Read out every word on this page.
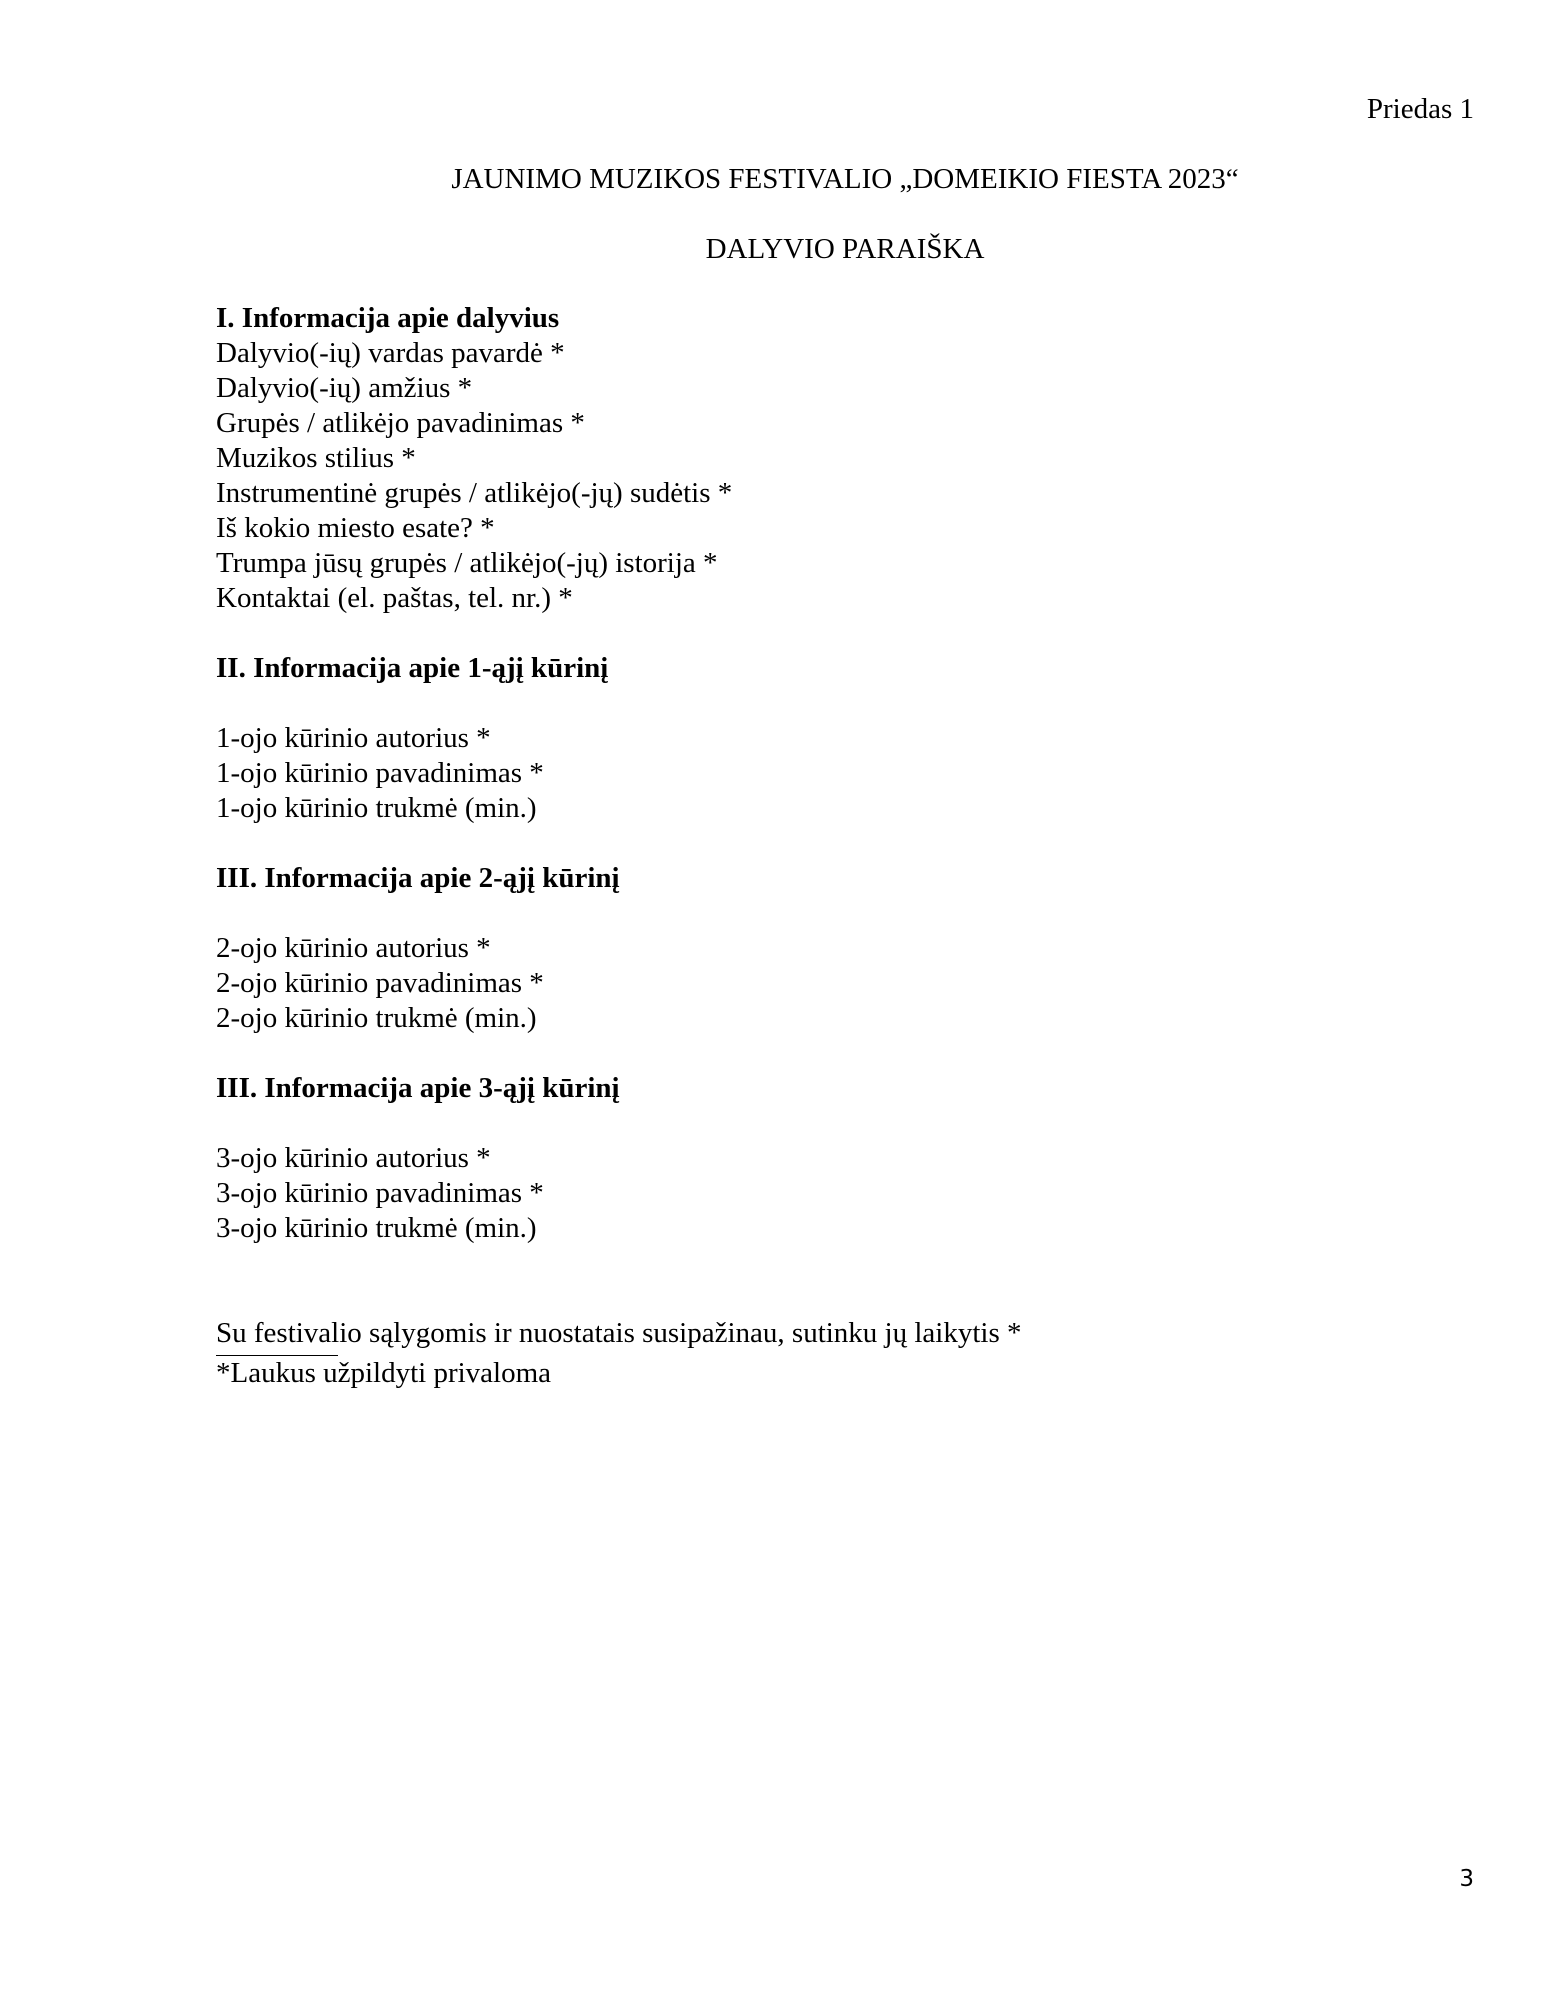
Priedas 1
JAUNIMO MUZIKOS FESTIVALIO „DOMEIKIO FIESTA 2023“
DALYVIO PARAIŠKA

I. Informacija apie dalyvius

Dalyvio(-ių) vardas pavardė *

Dalyvio(-ių) amžius *

Grupės / atlikėjo pavadinimas *

Muzikos stilius *

Instrumentinė grupės / atlikėjo(-jų) sudėtis *

Iš kokio miesto esate? *

Trumpa jūsų grupės / atlikėjo(-jų) istorija *

Kontaktai (el. paštas, tel. nr.) *

II. Informacija apie 1-ąjį kūrinį

1-ojo kūrinio autorius *

1-ojo kūrinio pavadinimas *

1-ojo kūrinio trukmė (min.)

III. Informacija apie 2-ąjį kūrinį

2-ojo kūrinio autorius *

2-ojo kūrinio pavadinimas *

2-ojo kūrinio trukmė (min.)

III. Informacija apie 3-ąjį kūrinį

3-ojo kūrinio autorius *

3-ojo kūrinio pavadinimas *

3-ojo kūrinio trukmė (min.)

Su festivalio sąlygomis ir nuostatais susipažinau, sutinku jų laikytis *

*Laukus užpildyti privaloma

3
